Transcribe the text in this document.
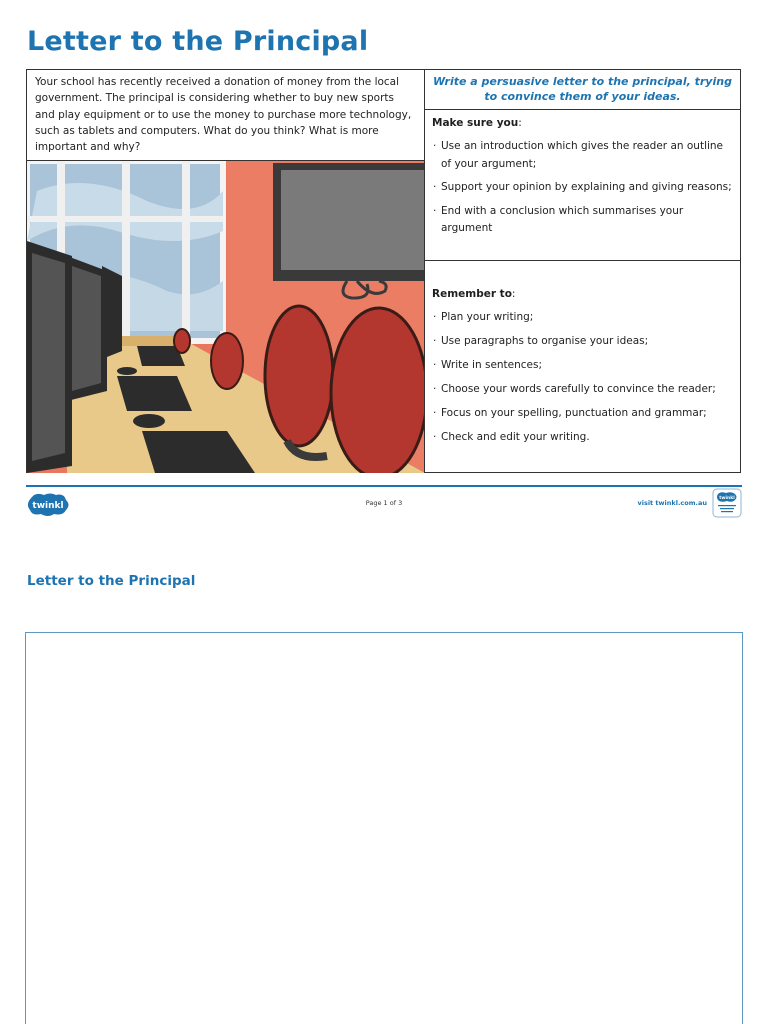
Letter to the Principal
Your school has recently received a donation of money from the local government. The principal is considering whether to buy new sports and play equipment or to use the money to purchase more technology, such as tablets and computers. What do you think? What is more important and why?
Write a persuasive letter to the principal, trying to convince them of your ideas.
Make sure you:
· Use an introduction which gives the reader an outline of your argument;
· Support your opinion by explaining and giving reasons;
· End with a conclusion which summarises your argument
Remember to:
· Plan your writing;
· Use paragraphs to organise your ideas;
· Write in sentences;
· Choose your words carefully to convince the reader;
· Focus on your spelling, punctuation and grammar;
· Check and edit your writing.
twinkl	Page 1 of 3	visit twinkl.com.au
twinkl
Letter to the Principal
